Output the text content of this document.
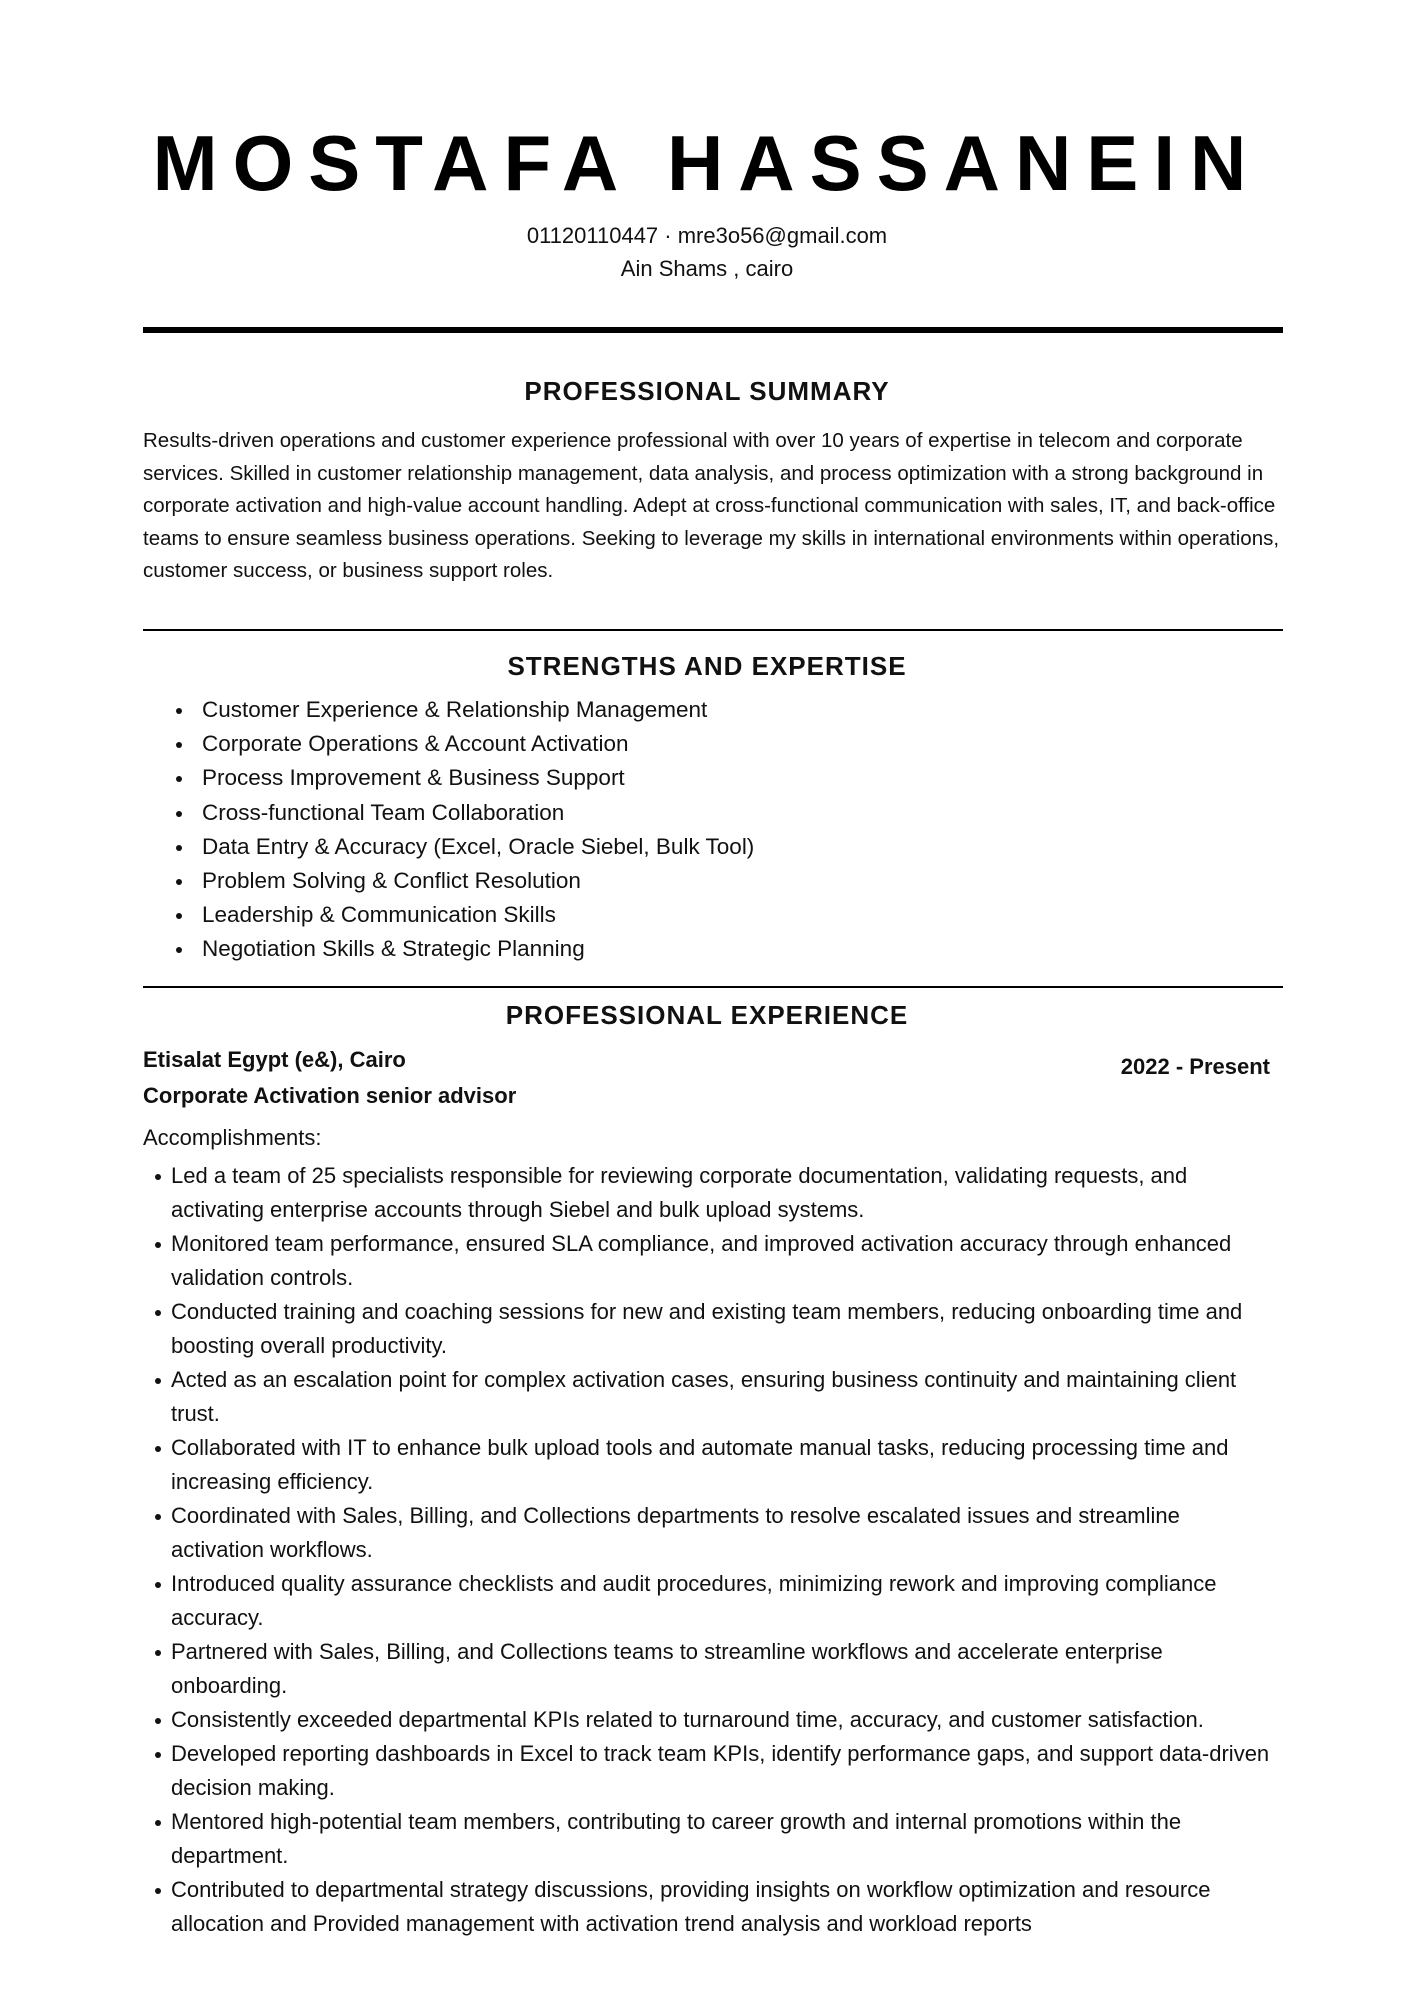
MOSTAFA HASSANEIN
01120110447 · mre3o56@gmail.com
Ain Shams , cairo
PROFESSIONAL SUMMARY
Results-driven operations and customer experience professional with over 10 years of expertise in telecom and corporate services. Skilled in customer relationship management, data analysis, and process optimization with a strong background in corporate activation and high-value account handling. Adept at cross-functional communication with sales, IT, and back-office teams to ensure seamless business operations. Seeking to leverage my skills in international environments within operations, customer success, or business support roles.
STRENGTHS AND EXPERTISE
Customer Experience & Relationship Management
Corporate Operations & Account Activation
Process Improvement & Business Support
Cross-functional Team Collaboration
Data Entry & Accuracy (Excel, Oracle Siebel, Bulk Tool)
Problem Solving & Conflict Resolution
Leadership & Communication Skills
Negotiation Skills & Strategic Planning
PROFESSIONAL EXPERIENCE
Etisalat Egypt (e&), Cairo
Corporate Activation senior advisor
2022 - Present
Accomplishments:
Led a team of 25 specialists responsible for reviewing corporate documentation, validating requests, and activating enterprise accounts through Siebel and bulk upload systems.
Monitored team performance, ensured SLA compliance, and improved activation accuracy through enhanced validation controls.
Conducted training and coaching sessions for new and existing team members, reducing onboarding time and boosting overall productivity.
Acted as an escalation point for complex activation cases, ensuring business continuity and maintaining client trust.
Collaborated with IT to enhance bulk upload tools and automate manual tasks, reducing processing time and increasing efficiency.
Coordinated with Sales, Billing, and Collections departments to resolve escalated issues and streamline activation workflows.
Introduced quality assurance checklists and audit procedures, minimizing rework and improving compliance accuracy.
Partnered with Sales, Billing, and Collections teams to streamline workflows and accelerate enterprise onboarding.
Consistently exceeded departmental KPIs related to turnaround time, accuracy, and customer satisfaction.
Developed reporting dashboards in Excel to track team KPIs, identify performance gaps, and support data-driven decision making.
Mentored high-potential team members, contributing to career growth and internal promotions within the department.
Contributed to departmental strategy discussions, providing insights on workflow optimization and resource allocation and Provided management with activation trend analysis and workload reports
